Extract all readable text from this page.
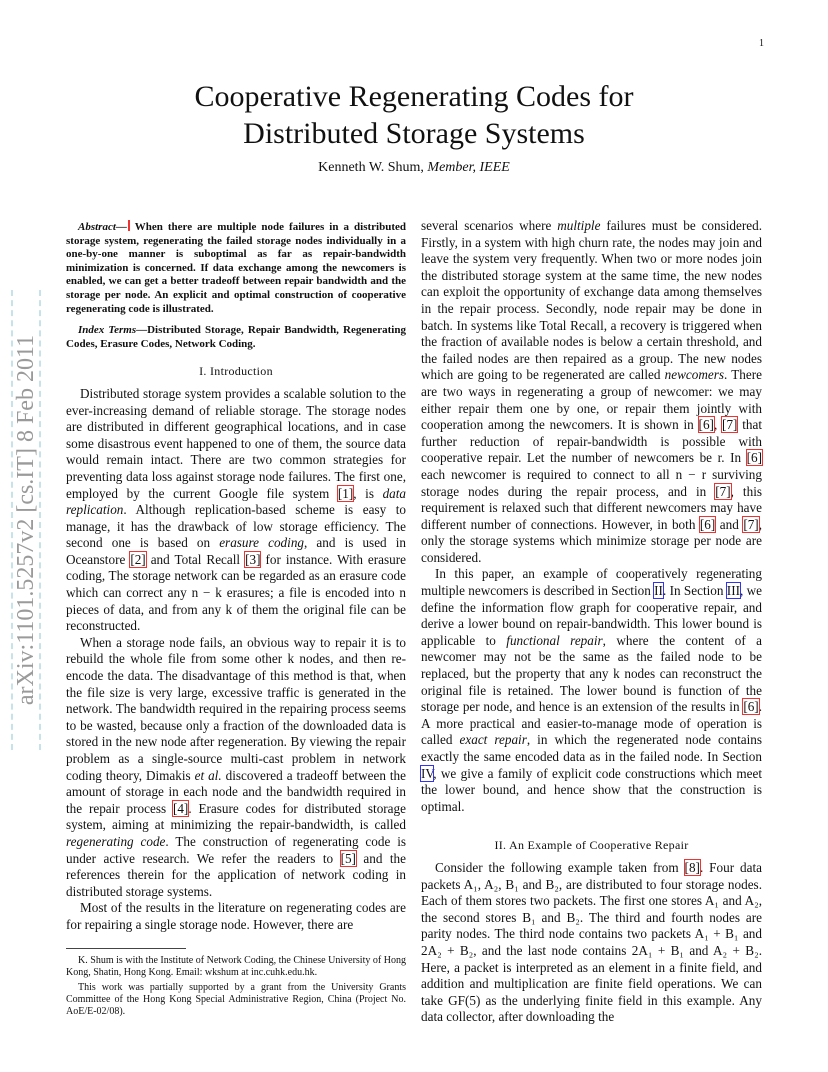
1
arXiv:1101.5257v2 [cs.IT] 8 Feb 2011
Cooperative Regenerating Codes for
Distributed Storage Systems
Kenneth W. Shum, Member, IEEE
Abstract— When there are multiple node failures in a distributed storage system, regenerating the failed storage nodes individually in a one-by-one manner is suboptimal as far as repair-bandwidth minimization is concerned. If data exchange among the newcomers is enabled, we can get a better tradeoff between repair bandwidth and the storage per node. An explicit and optimal construction of cooperative regenerating code is illustrated.
Index Terms—Distributed Storage, Repair Bandwidth, Regenerating Codes, Erasure Codes, Network Coding.
I. Introduction

Distributed storage system provides a scalable solution to the ever-increasing demand of reliable storage. The storage nodes are distributed in different geographical locations, and in case some disastrous event happened to one of them, the source data would remain intact. There are two common strategies for preventing data loss against storage node failures. The first one, employed by the current Google file system [1], is data replication. Although replication-based scheme is easy to manage, it has the drawback of low storage efficiency. The second one is based on erasure coding, and is used in Oceanstore [2] and Total Recall [3] for instance. With erasure coding, The storage network can be regarded as an erasure code which can correct any n − k erasures; a file is encoded into n pieces of data, and from any k of them the original file can be reconstructed.

When a storage node fails, an obvious way to repair it is to rebuild the whole file from some other k nodes, and then re-encode the data. The disadvantage of this method is that, when the file size is very large, excessive traffic is generated in the network. The bandwidth required in the repairing process seems to be wasted, because only a fraction of the downloaded data is stored in the new node after regeneration. By viewing the repair problem as a single-source multi-cast problem in network coding theory, Dimakis et al. discovered a tradeoff between the amount of storage in each node and the bandwidth required in the repair process [4]. Erasure codes for distributed storage system, aiming at minimizing the repair-bandwidth, is called regenerating code. The construction of regenerating code is under active research. We refer the readers to [5] and the references therein for the application of network coding in distributed storage systems.

Most of the results in the literature on regenerating codes are for repairing a single storage node. However, there are

K. Shum is with the Institute of Network Coding, the Chinese University of Hong Kong, Shatin, Hong Kong. Email: wkshum at inc.cuhk.edu.hk.
This work was partially supported by a grant from the University Grants Committee of the Hong Kong Special Administrative Region, China (Project No. AoE/E-02/08).

several scenarios where multiple failures must be considered. Firstly, in a system with high churn rate, the nodes may join and leave the system very frequently. When two or more nodes join the distributed storage system at the same time, the new nodes can exploit the opportunity of exchange data among themselves in the repair process. Secondly, node repair may be done in batch. In systems like Total Recall, a recovery is triggered when the fraction of available nodes is below a certain threshold, and the failed nodes are then repaired as a group. The new nodes which are going to be regenerated are called newcomers. There are two ways in regenerating a group of newcomer: we may either repair them one by one, or repair them jointly with cooperation among the newcomers. It is shown in [6], [7] that further reduction of repair-bandwidth is possible with cooperative repair. Let the number of newcomers be r. In [6] each newcomer is required to connect to all n − r surviving storage nodes during the repair process, and in [7], this requirement is relaxed such that different newcomers may have different number of connections. However, in both [6] and [7], only the storage systems which minimize storage per node are considered.

In this paper, an example of cooperatively regenerating multiple newcomers is described in Section II. In Section III, we define the information flow graph for cooperative repair, and derive a lower bound on repair-bandwidth. This lower bound is applicable to functional repair, where the content of a newcomer may not be the same as the failed node to be replaced, but the property that any k nodes can reconstruct the original file is retained. The lower bound is function of the storage per node, and hence is an extension of the results in [6]. A more practical and easier-to-manage mode of operation is called exact repair, in which the regenerated node contains exactly the same encoded data as in the failed node. In Section IV, we give a family of explicit code constructions which meet the lower bound, and hence show that the construction is optimal.

II. An Example of Cooperative Repair

Consider the following example taken from [8]. Four data packets A₁, A₂, B₁ and B₂, are distributed to four storage nodes. Each of them stores two packets. The first one stores A₁ and A₂, the second stores B₁ and B₂. The third and fourth nodes are parity nodes. The third node contains two packets A₁ + B₁ and 2A₂ + B₂, and the last node contains 2A₁ + B₁ and A₂ + B₂. Here, a packet is interpreted as an element in a finite field, and addition and multiplication are finite field operations. We can take GF(5) as the underlying finite field in this example. Any data collector, after downloading the
